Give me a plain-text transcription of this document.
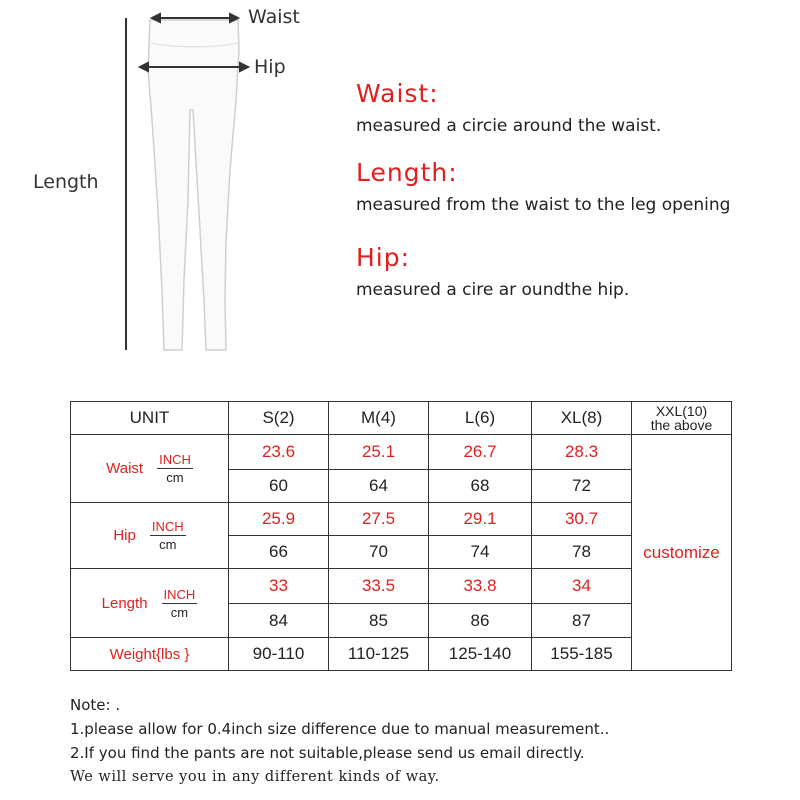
Waist
Hip
Length
Waist:
measured a circie around the waist.
Length:
measured from the waist to the leg opening
Hip:
measured a cire ar oundthe hip.
UNIT	S(2)	M(4)	L(6)	XL(8)	XXL(10)
the above

Waist
INCH
cm	23.6	25.1	26.7	28.3	customize
	60	64	68	72	

Hip
INCH
cm	25.9	27.5	29.1	30.7	
	66	70	74	78	

Length
INCH
cm	33	33.5	33.8	34	
	84	85	86	87	
Weight{lbs }	90-110	110-125	125-140	155-185	
Note: .
1.please allow for 0.4inch size difference due to manual measurement..
2.If you find the pants are not suitable,please send us email directly.
We will serve you in any different kinds of way.
